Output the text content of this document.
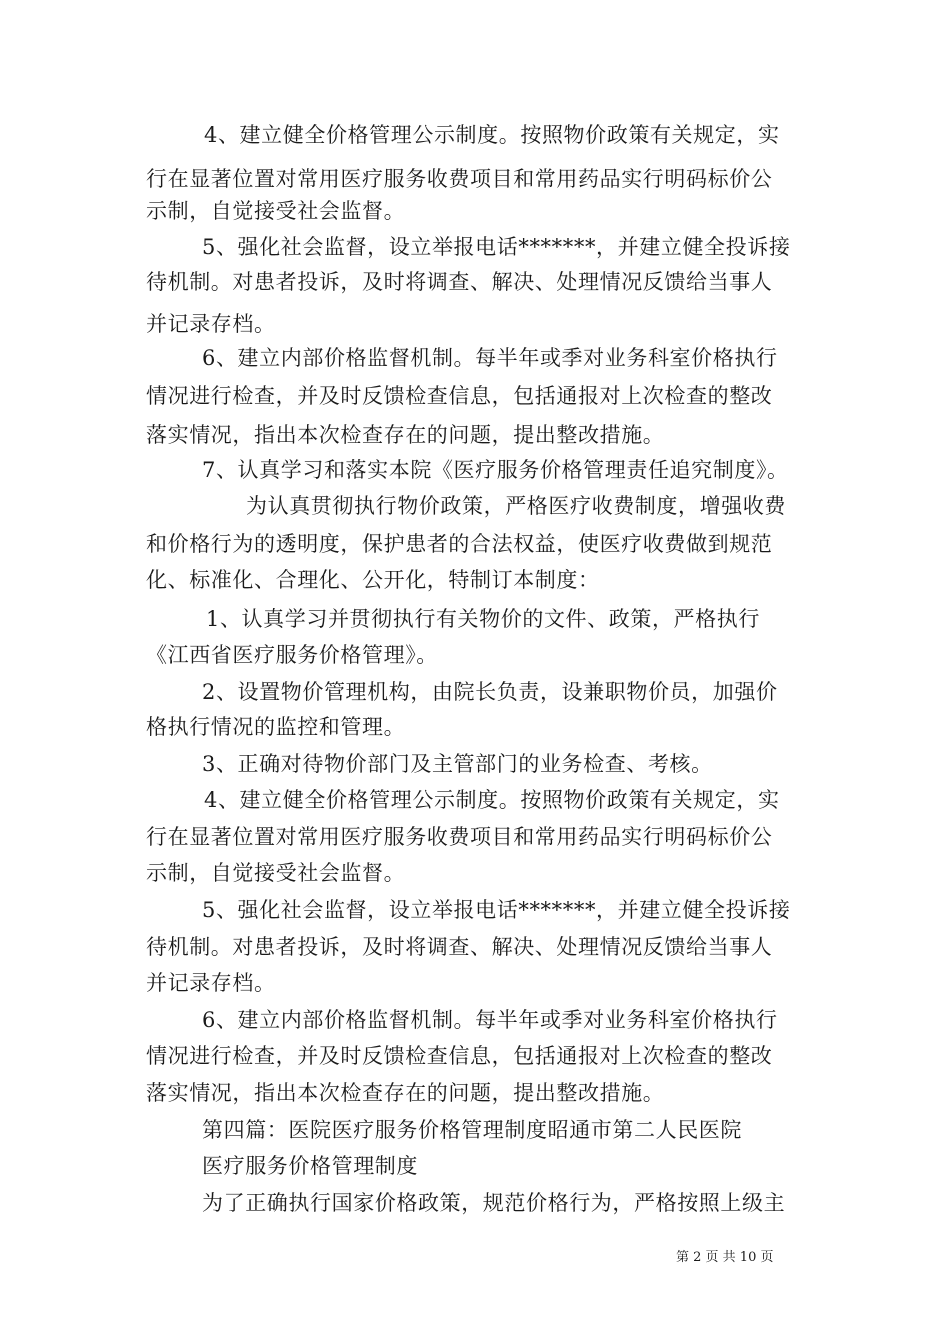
4、建立健全价格管理公示制度。按照物价政策有关规定，实
行在显著位置对常用医疗服务收费项目和常用药品实行明码标价公
示制，自觉接受社会监督。
5、强化社会监督，设立举报电话*******，并建立健全投诉接
待机制。对患者投诉，及时将调查、解决、处理情况反馈给当事人
并记录存档。
6、建立内部价格监督机制。每半年或季对业务科室价格执行
情况进行检查，并及时反馈检查信息，包括通报对上次检查的整改
落实情况，指出本次检查存在的问题，提出整改措施。
7、认真学习和落实本院《医疗服务价格管理责任追究制度》。
为认真贯彻执行物价政策，严格医疗收费制度，增强收费
和价格行为的透明度，保护患者的合法权益，使医疗收费做到规范
化、标准化、合理化、公开化，特制订本制度：
1、认真学习并贯彻执行有关物价的文件、政策，严格执行
《江西省医疗服务价格管理》。
2、设置物价管理机构，由院长负责，设兼职物价员，加强价
格执行情况的监控和管理。
3、正确对待物价部门及主管部门的业务检查、考核。
4、建立健全价格管理公示制度。按照物价政策有关规定，实
行在显著位置对常用医疗服务收费项目和常用药品实行明码标价公
示制，自觉接受社会监督。
5、强化社会监督，设立举报电话*******，并建立健全投诉接
待机制。对患者投诉，及时将调查、解决、处理情况反馈给当事人
并记录存档。
6、建立内部价格监督机制。每半年或季对业务科室价格执行
情况进行检查，并及时反馈检查信息，包括通报对上次检查的整改
落实情况，指出本次检查存在的问题，提出整改措施。
第四篇：医院医疗服务价格管理制度昭通市第二人民医院
医疗服务价格管理制度
为了正确执行国家价格政策，规范价格行为，严格按照上级主
第 2 页 共 10 页
